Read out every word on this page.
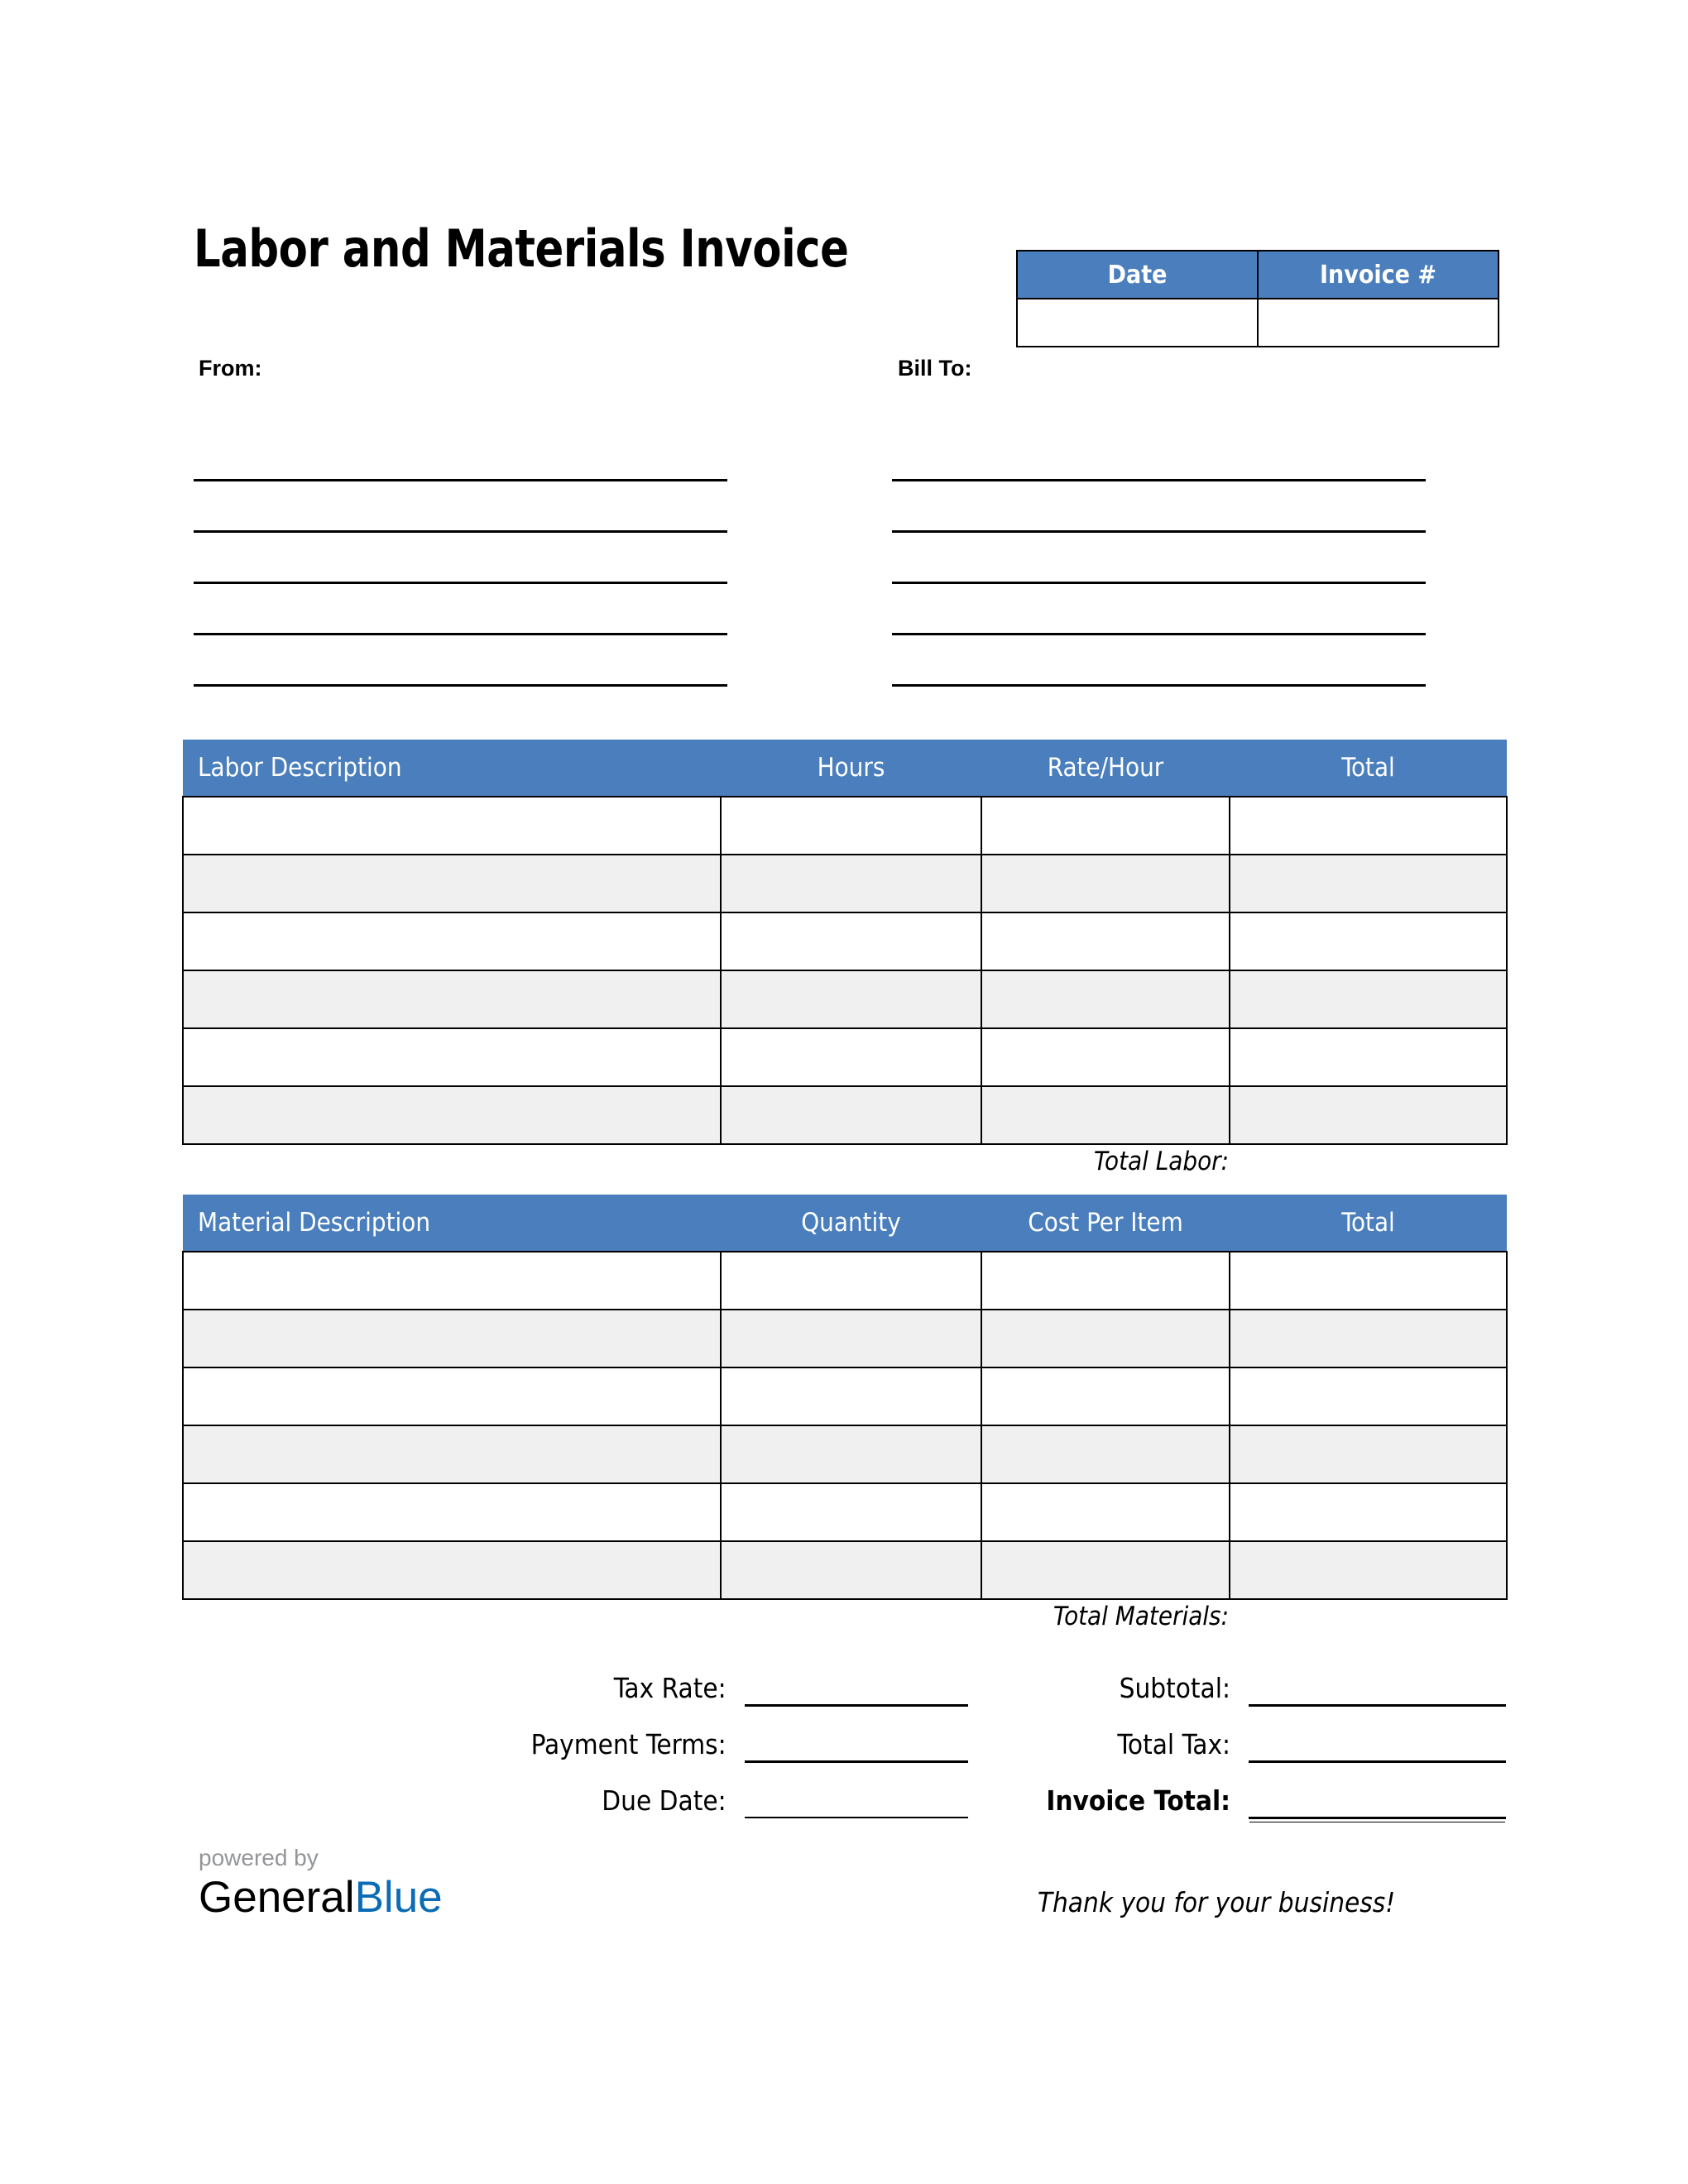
Labor and Materials Invoice	Date	Invoice #

From:	Bill To:
Labor Description	Hours	Rate/Hour	Total

Total Labor:
Material Description	Quantity	Cost Per Item	Total

Total Materials:
Tax Rate:	Subtotal:
Payment Terms:	Total Tax:
Due Date:	Invoice Total:
powered by
GeneralBlue	Thank you for your business!
